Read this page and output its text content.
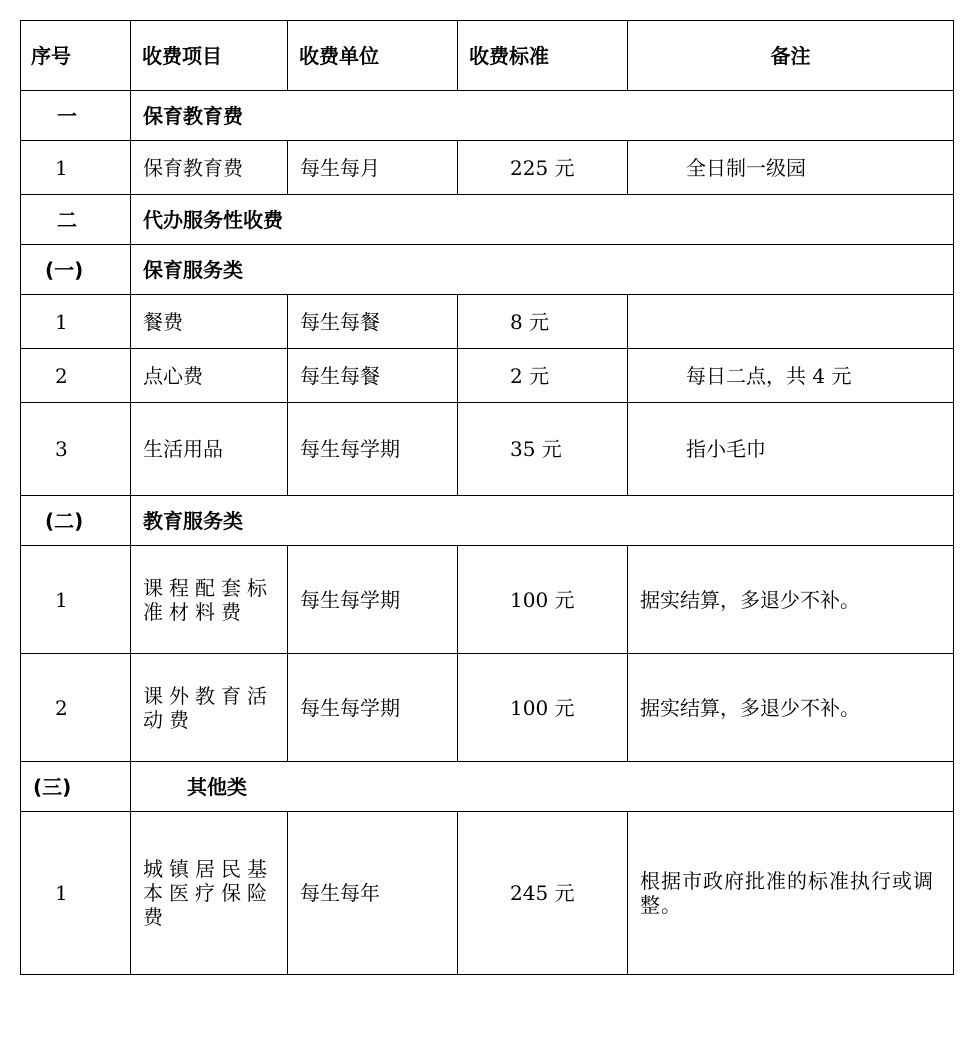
序号	收费项目	收费单位	收费标准	备注
一	保育教育费			
1	保育教育费	每生每月	225 元	全日制一级园
二	代办服务性收费			
(一)	保育服务类			
1	餐费	每生每餐	8 元	
2	点心费	每生每餐	2 元	每日二点，共 4 元
3	生活用品	每生每学期	35 元	指小毛巾
(二)	教育服务类			
1	课程配套标准材料费	每生每学期	100 元	据实结算，多退少不补。
2	课外教育活动费	每生每学期	100 元	据实结算，多退少不补。
(三)	其他类			
1	城镇居民基本医疗保险费	每生每年	245 元	根据市政府批准的标准执行或调整。
